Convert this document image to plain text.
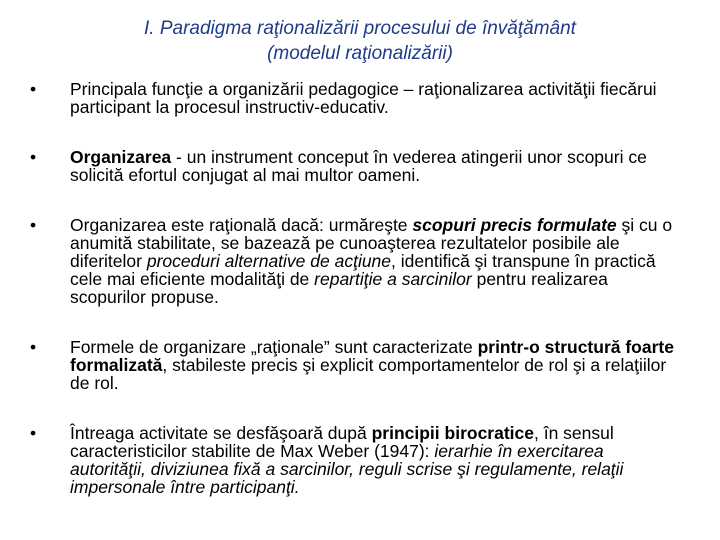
I. Paradigma raţionalizării procesului de învăţământ
(modelul raţionalizării)
•	Principala funcţie a organizării pedagogice – raţionalizarea activităţii fiecărui participant la procesul instructiv-educativ.
•	Organizarea - un instrument conceput în vederea atingerii unor scopuri ce solicită efortul conjugat al mai multor oameni.
•	Organizarea este raţională dacă: urmăreşte scopuri precis formulate şi cu o anumită stabilitate, se bazează pe cunoaşterea rezultatelor posibile ale diferitelor proceduri alternative de acţiune, identifică şi transpune în practică cele mai eficiente modalităţi de repartiţie a sarcinilor pentru realizarea scopurilor propuse.
•	Formele de organizare „raţionale” sunt caracterizate printr-o structură foarte formalizată, stabileste precis şi explicit comportamentelor de rol şi a relaţiilor de rol.
•	Întreaga activitate se desfăşoară după principii birocratice, în sensul caracteristicilor stabilite de Max Weber (1947): ierarhie în exercitarea autorităţii, diviziunea fixă a sarcinilor, reguli scrise şi regulamente, relaţii impersonale între participanţi.
